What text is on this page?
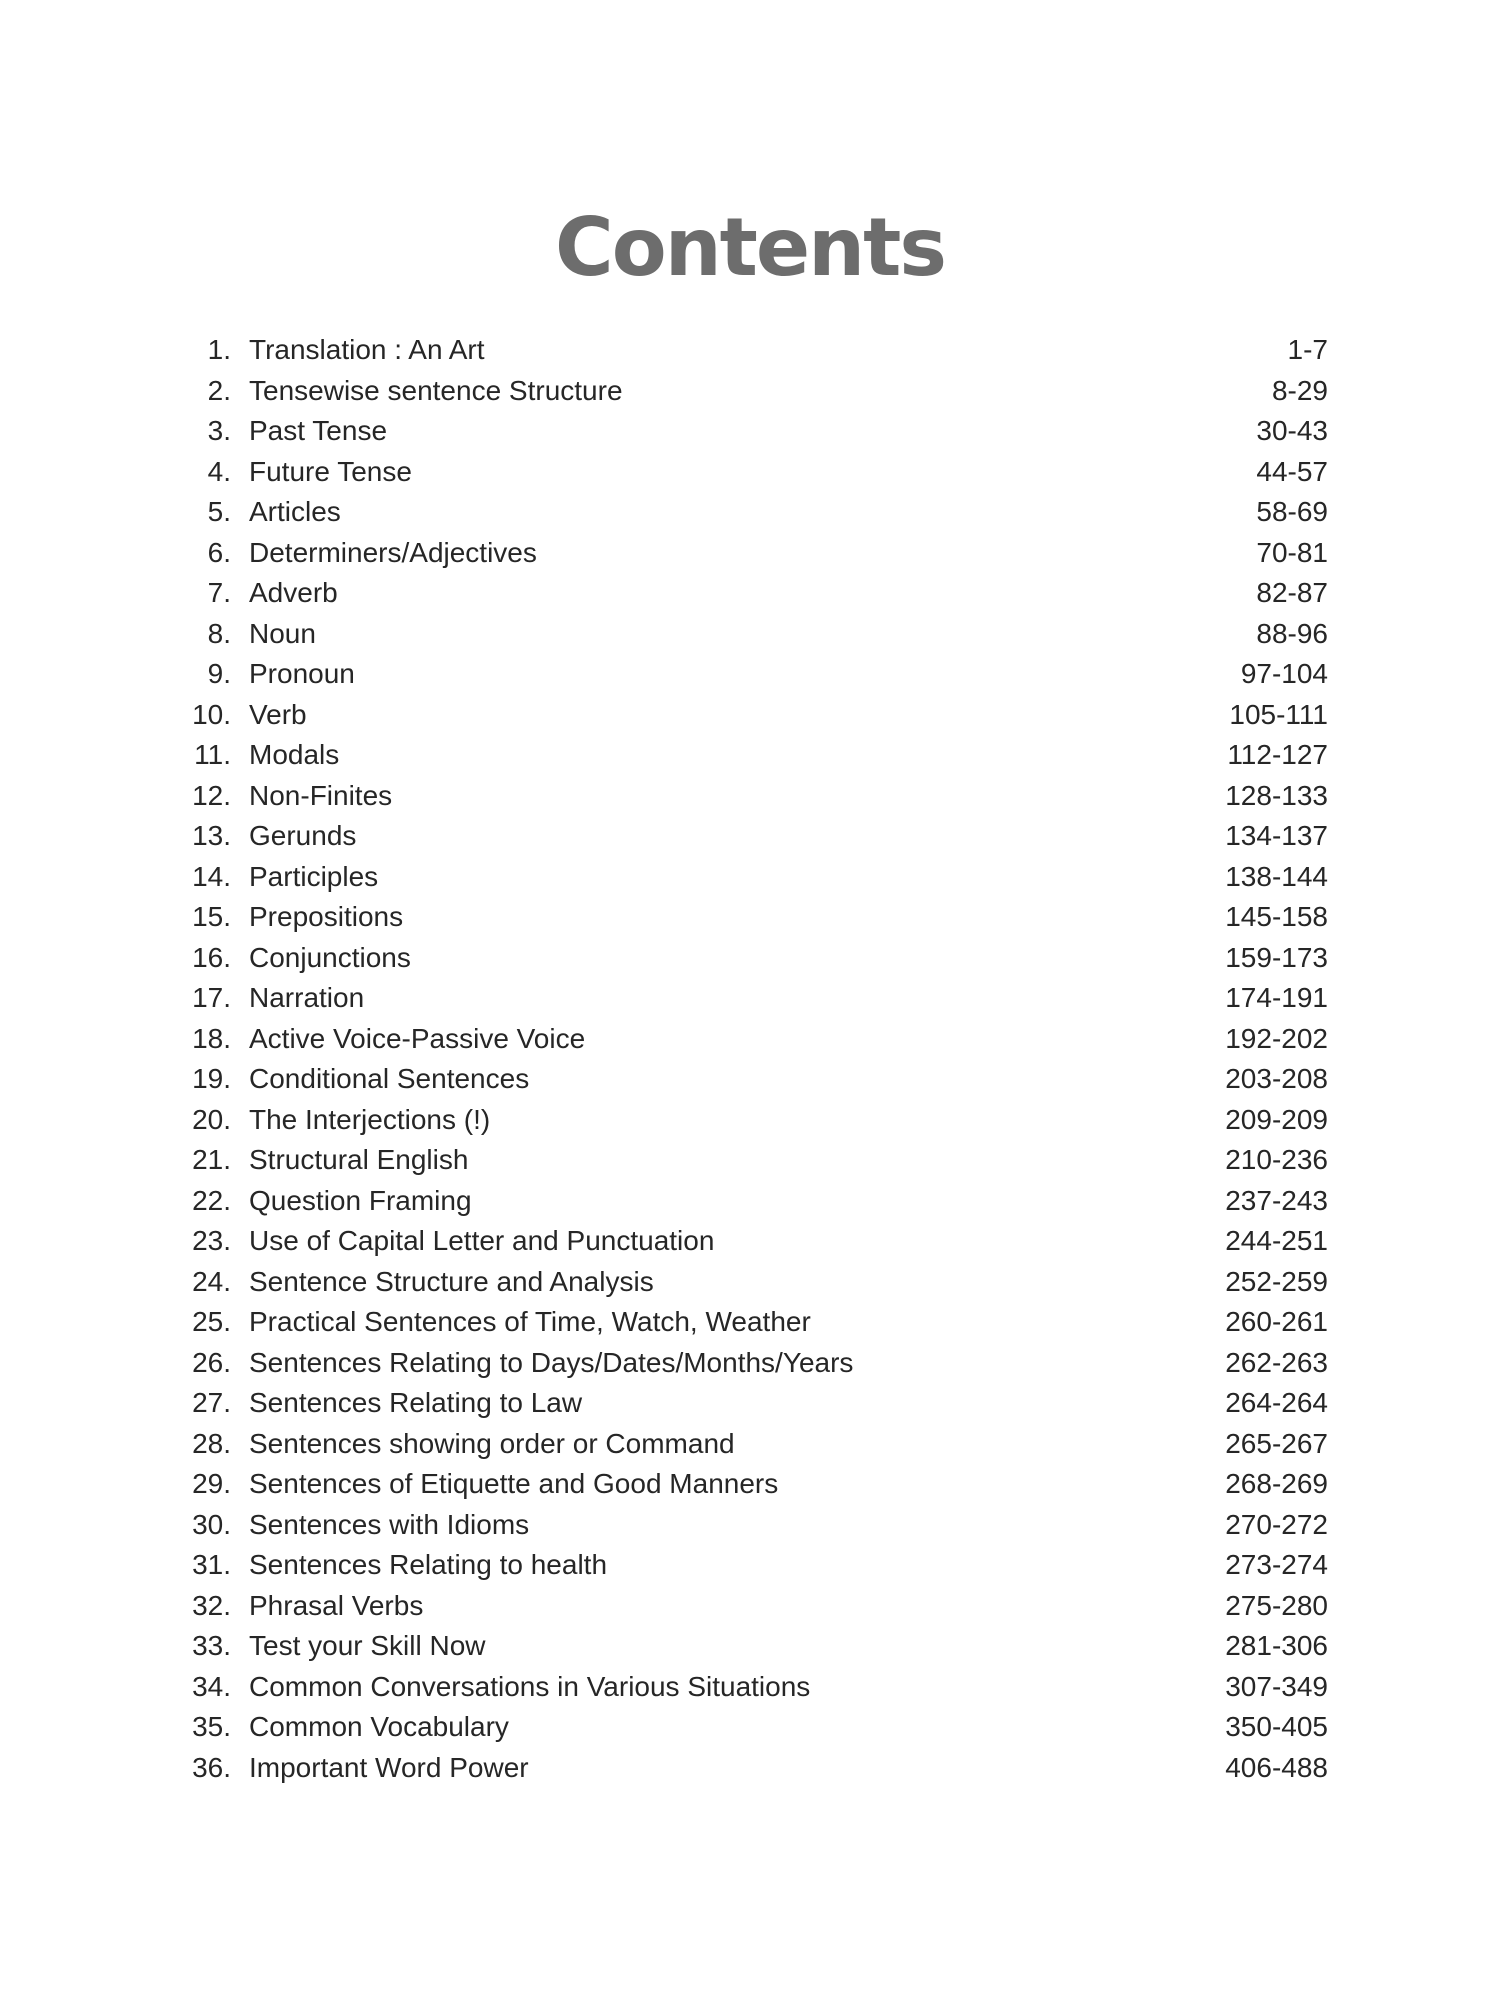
Contents
1. Translation : An Art	1-7
2. Tensewise sentence Structure	8-29
3. Past Tense	30-43
4. Future Tense	44-57
5. Articles	58-69
6. Determiners/Adjectives	70-81
7. Adverb	82-87
8. Noun	88-96
9. Pronoun	97-104
10. Verb	105-111
11. Modals	112-127
12. Non-Finites	128-133
13. Gerunds	134-137
14. Participles	138-144
15. Prepositions	145-158
16. Conjunctions	159-173
17. Narration	174-191
18. Active Voice-Passive Voice	192-202
19. Conditional Sentences	203-208
20. The Interjections (!)	209-209
21. Structural English	210-236
22. Question Framing	237-243
23. Use of Capital Letter and Punctuation	244-251
24. Sentence Structure and Analysis	252-259
25. Practical Sentences of Time, Watch, Weather	260-261
26. Sentences Relating to Days/Dates/Months/Years	262-263
27. Sentences Relating to Law	264-264
28. Sentences showing order or Command	265-267
29. Sentences of Etiquette and Good Manners	268-269
30. Sentences with Idioms	270-272
31. Sentences Relating to health	273-274
32. Phrasal Verbs	275-280
33. Test your Skill Now	281-306
34. Common Conversations in Various Situations	307-349
35. Common Vocabulary	350-405
36. Important Word Power	406-488
